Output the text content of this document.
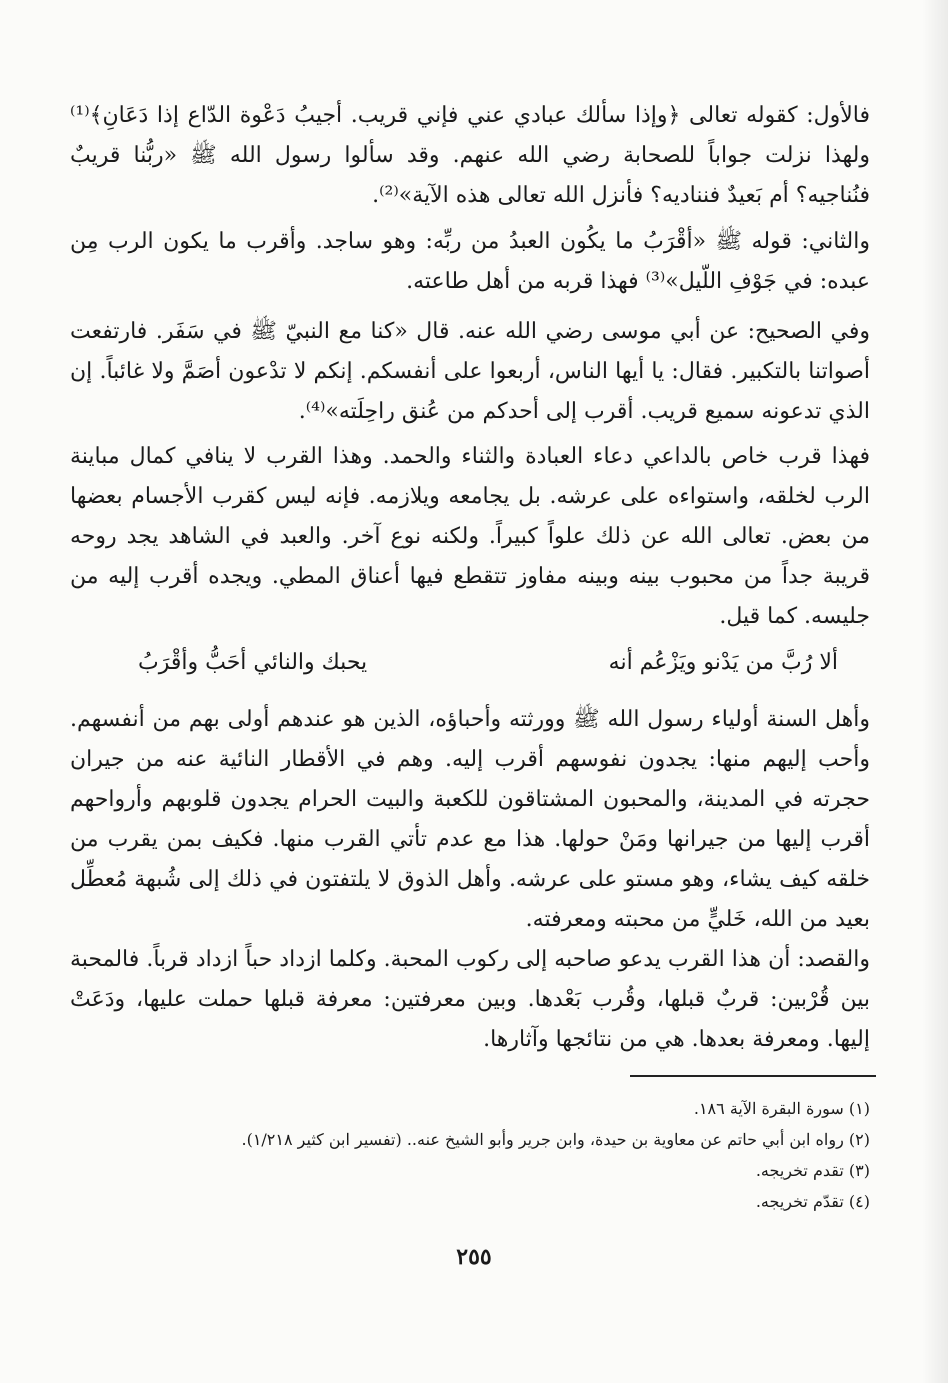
فالأول: كقوله تعالى ﴿وإذا سألك عبادي عني فإني قريب. أجيبُ دَعْوة الدّاع إذا دَعَانِ﴾⁽¹⁾ ولهذا نزلت جواباً للصحابة رضي الله عنهم. وقد سألوا رسول الله ﷺ «ربُّنا قريبٌ فنُناجيه؟ أم بَعيدٌ فنناديه؟ فأنزل الله تعالى هذه الآية»⁽²⁾.

والثاني: قوله ﷺ «أقْرَبُ ما يكُون العبدُ من ربِّه: وهو ساجد. وأقرب ما يكون الرب مِن عبده: في جَوْفِ اللّيل»⁽³⁾ فهذا قربه من أهل طاعته.

وفي الصحيح: عن أبي موسى رضي الله عنه. قال «كنا مع النبيّ ﷺ في سَفَر. فارتفعت أصواتنا بالتكبير. فقال: يا أيها الناس، أربعوا على أنفسكم. إنكم لا تدْعون أصَمَّ ولا غائباً. إن الذي تدعونه سميع قريب. أقرب إلى أحدكم من عُنق راحِلَته»⁽⁴⁾.

فهذا قرب خاص بالداعي دعاء العبادة والثناء والحمد. وهذا القرب لا ينافي كمال مباينة الرب لخلقه، واستواءه على عرشه. بل يجامعه ويلازمه. فإنه ليس كقرب الأجسام بعضها من بعض. تعالى الله عن ذلك علواً كبيراً. ولكنه نوع آخر. والعبد في الشاهد يجد روحه قريبة جداً من محبوب بينه وبينه مفاوز تتقطع فيها أعناق المطي. ويجده أقرب إليه من جليسه. كما قيل.

ألا رُبَّ من يَدْنو ويَزْعُم أنه
يحبك والنائي أحَبُّ وأقْرَبُ

وأهل السنة أولياء رسول الله ﷺ وورثته وأحباؤه، الذين هو عندهم أولى بهم من أنفسهم. وأحب إليهم منها: يجدون نفوسهم أقرب إليه. وهم في الأقطار النائية عنه من جيران حجرته في المدينة، والمحبون المشتاقون للكعبة والبيت الحرام يجدون قلوبهم وأرواحهم أقرب إليها من جيرانها ومَنْ حولها. هذا مع عدم تأتي القرب منها. فكيف بمن يقرب من خلقه كيف يشاء، وهو مستو على عرشه. وأهل الذوق لا يلتفتون في ذلك إلى شُبهة مُعطِّل بعيد من الله، خَليٍّ من محبته ومعرفته.

والقصد: أن هذا القرب يدعو صاحبه إلى ركوب المحبة. وكلما ازداد حباً ازداد قرباً. فالمحبة بين قُرْبين: قربٌ قبلها، وقُرب بَعْدها. وبين معرفتين: معرفة قبلها حملت عليها، ودَعَتْ إليها. ومعرفة بعدها. هي من نتائجها وآثارها.

(١) سورة البقرة الآية ١٨٦.

(٢) رواه ابن أبي حاتم عن معاوية بن حيدة، وابن جرير وأبو الشيخ عنه.. (تفسير ابن كثير ١/٢١٨).

(٣) تقدم تخريجه.

(٤) تقدّم تخريجه.

٢٥٥
